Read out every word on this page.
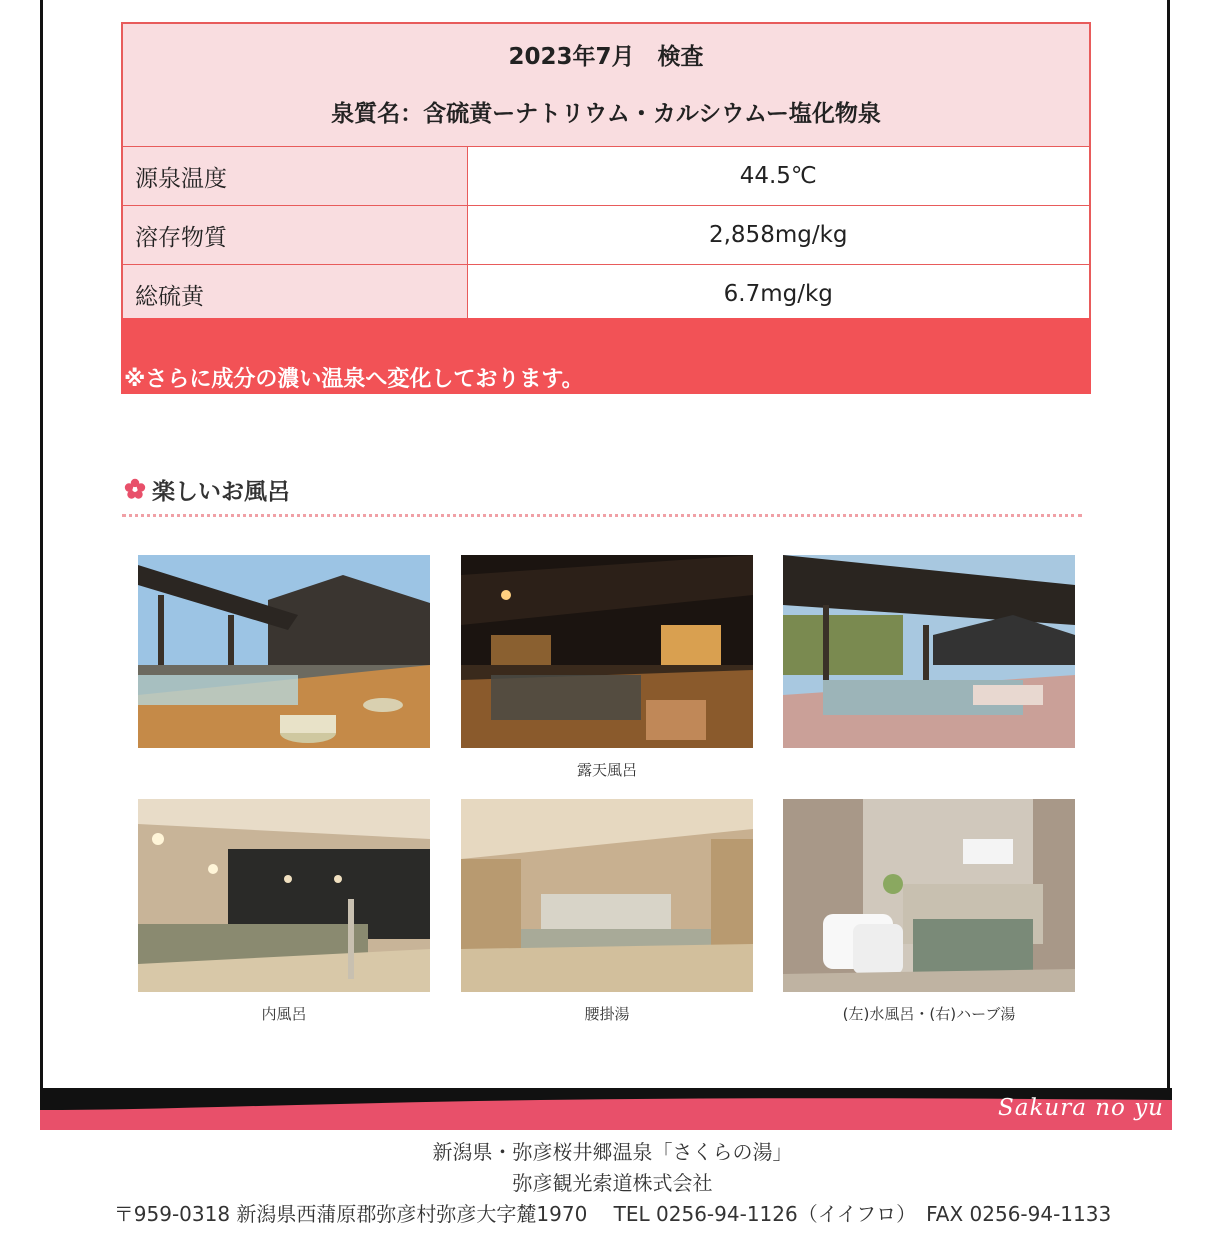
2023年7月　検査
泉質名：含硫黄ーナトリウム・カルシウムー塩化物泉
源泉温度	44.5℃
溶存物質	2,858mg/kg
総硫黄	6.7mg/kg
※さらに成分の濃い温泉へ変化しております。
楽しいお風呂
露天風呂
内風呂	腰掛湯	(左)水風呂・(右)ハーブ湯
Sakura no yu
新潟県・弥彦桜井郷温泉「さくらの湯」
弥彦観光索道株式会社
〒959-0318 新潟県西蒲原郡弥彦村弥彦大字麓1970　 TEL 0256-94-1126（イイフロ）　FAX 0256-94-1133
